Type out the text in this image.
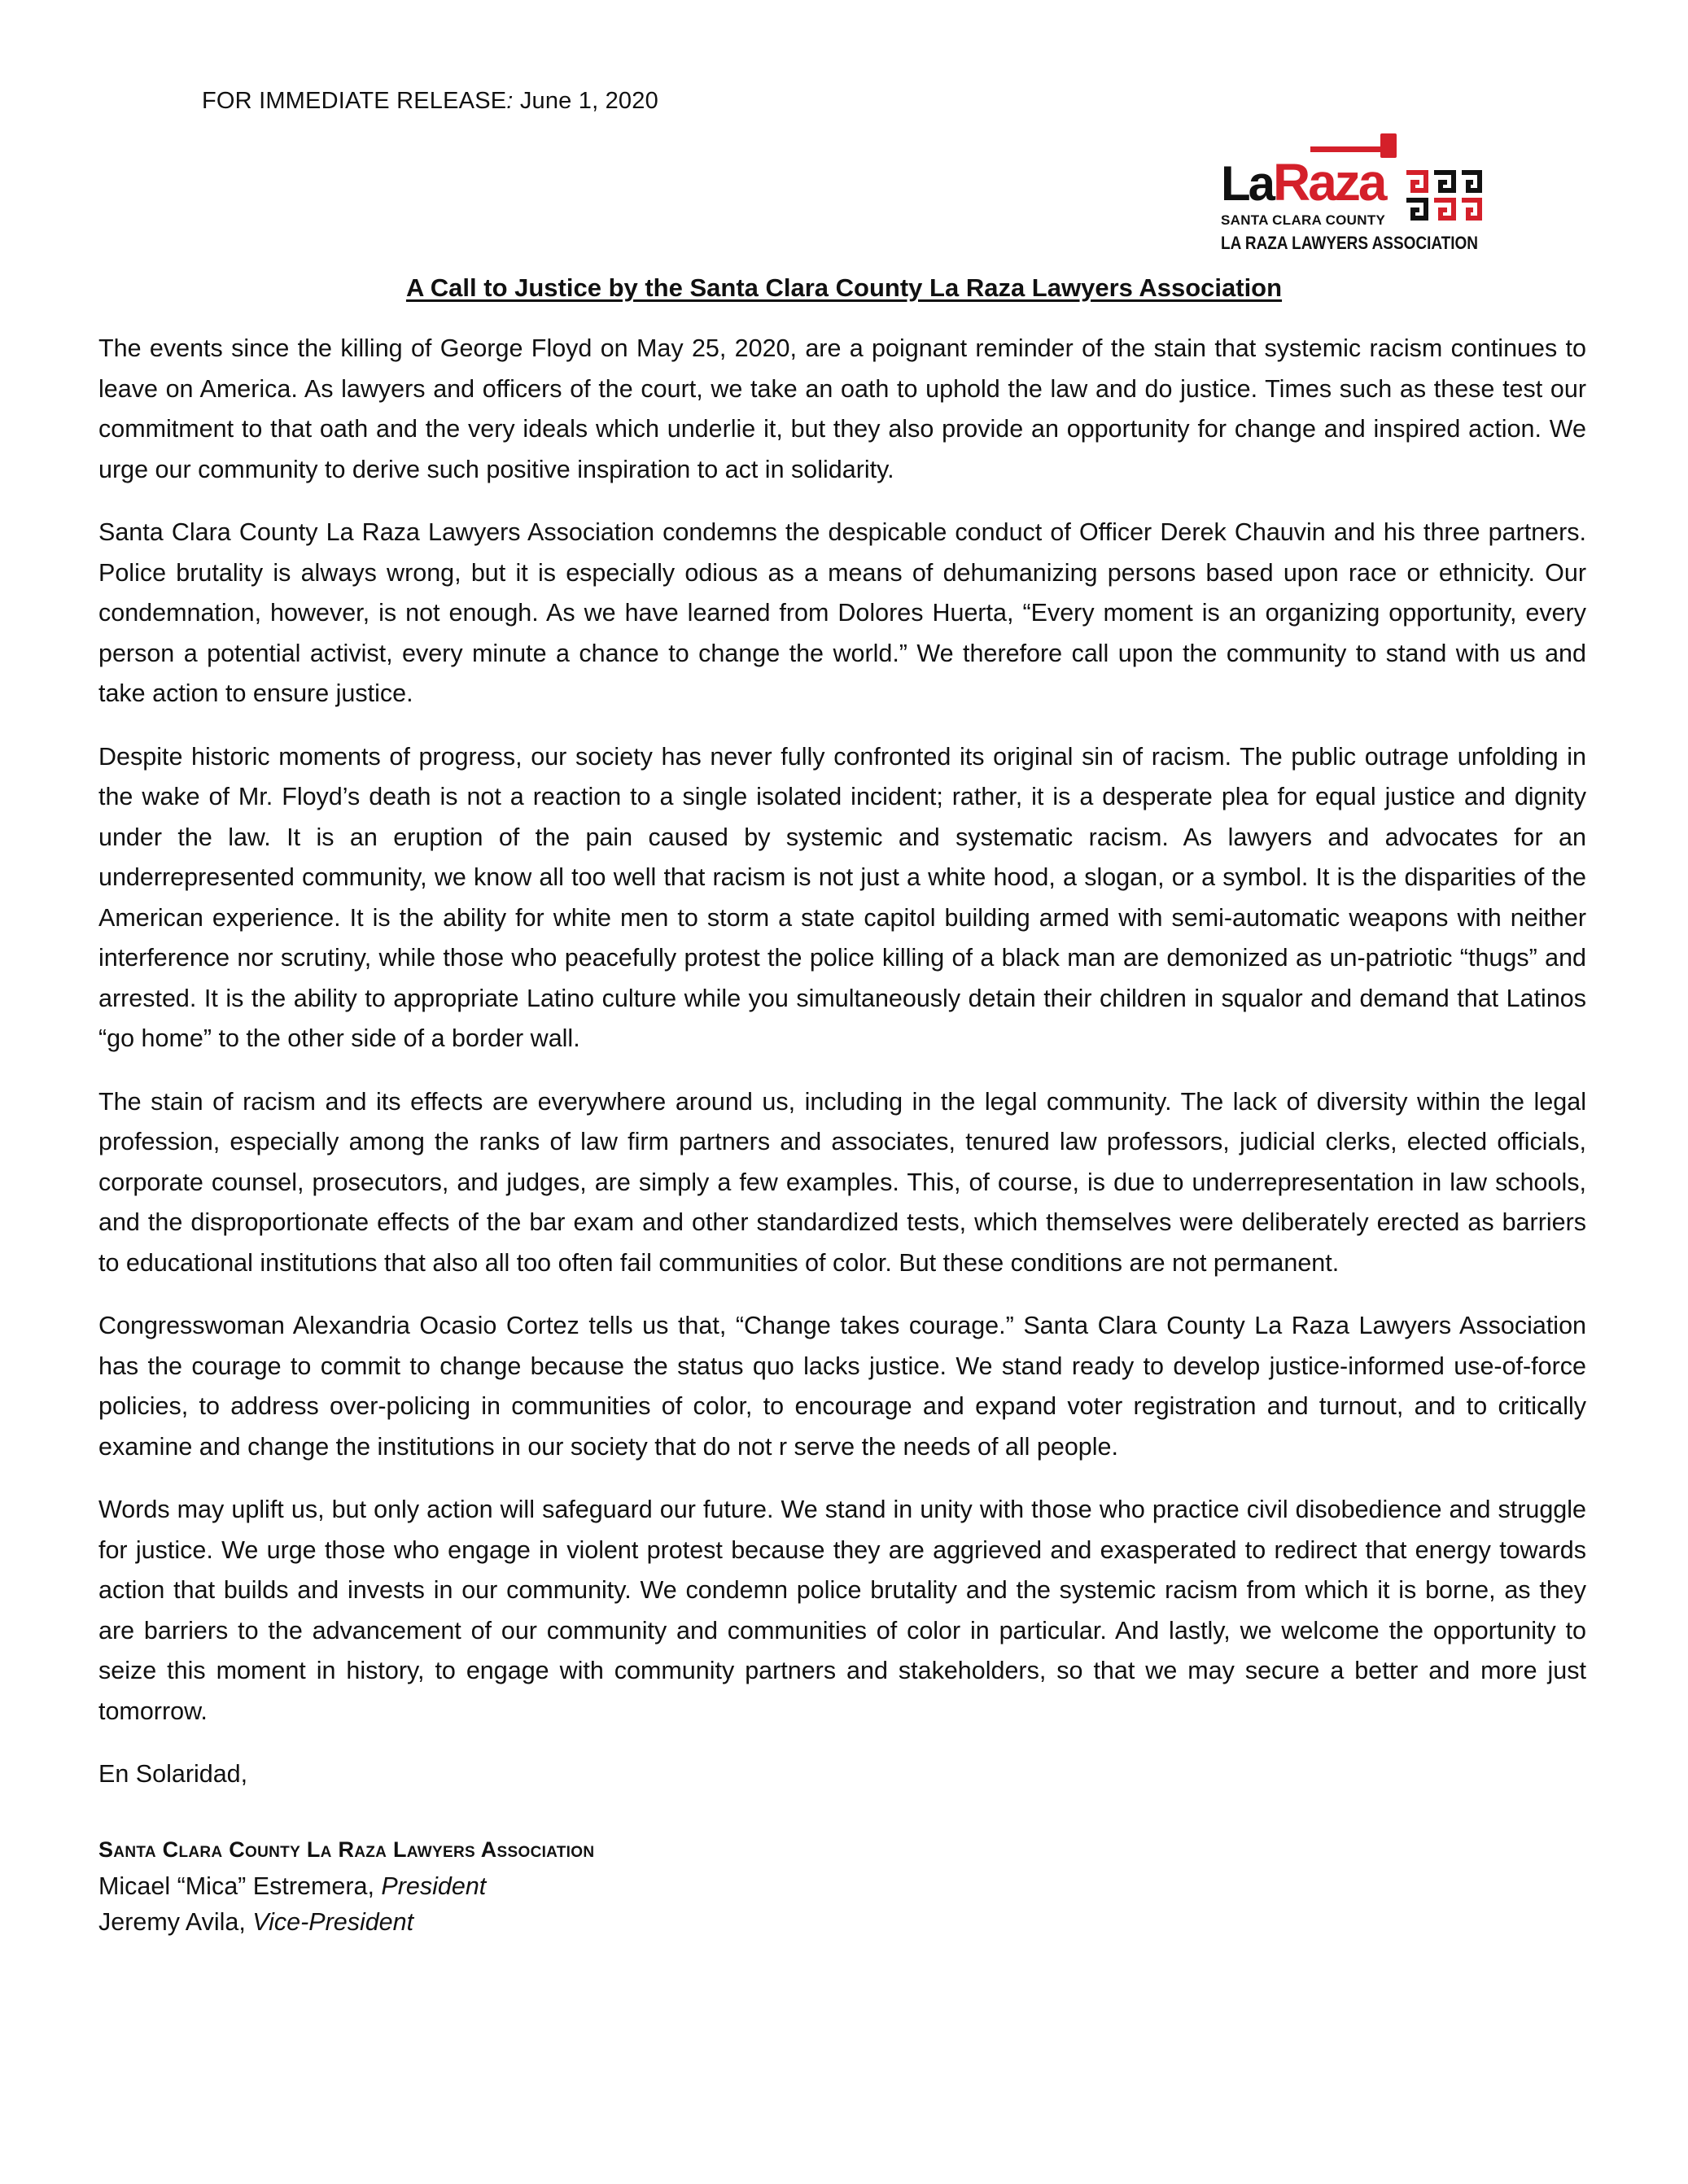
FOR IMMEDIATE RELEASE: June 1, 2020
LaRaza
SANTA CLARA COUNTY
LA RAZA LAWYERS ASSOCIATION
A Call to Justice by the Santa Clara County La Raza Lawyers Association

The events since the killing of George Floyd on May 25, 2020, are a poignant reminder of the stain that systemic racism continues to leave on America. As lawyers and officers of the court, we take an oath to uphold the law and do justice. Times such as these test our commitment to that oath and the very ideals which underlie it, but they also provide an opportunity for change and inspired action. We urge our community to derive such positive inspiration to act in solidarity.

Santa Clara County La Raza Lawyers Association condemns the despicable conduct of Officer Derek Chauvin and his three partners. Police brutality is always wrong, but it is especially odious as a means of dehumanizing persons based upon race or ethnicity. Our condemnation, however, is not enough. As we have learned from Dolores Huerta, “Every moment is an organizing opportunity, every person a potential activist, every minute a chance to change the world.” We therefore call upon the community to stand with us and take action to ensure justice.

Despite historic moments of progress, our society has never fully confronted its original sin of racism. The public outrage unfolding in the wake of Mr. Floyd’s death is not a reaction to a single isolated incident; rather, it is a desperate plea for equal justice and dignity under the law. It is an eruption of the pain caused by systemic and systematic racism. As lawyers and advocates for an underrepresented community, we know all too well that racism is not just a white hood, a slogan, or a symbol. It is the disparities of the American experience. It is the ability for white men to storm a state capitol building armed with semi-automatic weapons with neither interference nor scrutiny, while those who peacefully protest the police killing of a black man are demonized as un-patriotic “thugs” and arrested. It is the ability to appropriate Latino culture while you simultaneously detain their children in squalor and demand that Latinos “go home” to the other side of a border wall.

The stain of racism and its effects are everywhere around us, including in the legal community. The lack of diversity within the legal profession, especially among the ranks of law firm partners and associates, tenured law professors, judicial clerks, elected officials, corporate counsel, prosecutors, and judges, are simply a few examples. This, of course, is due to underrepresentation in law schools, and the disproportionate effects of the bar exam and other standardized tests, which themselves were deliberately erected as barriers to educational institutions that also all too often fail communities of color. But these conditions are not permanent.

Congresswoman Alexandria Ocasio Cortez tells us that, “Change takes courage.” Santa Clara County La Raza Lawyers Association has the courage to commit to change because the status quo lacks justice. We stand ready to develop justice-informed use-of-force policies, to address over-policing in communities of color, to encourage and expand voter registration and turnout, and to critically examine and change the institutions in our society that do not r serve the needs of all people.

Words may uplift us, but only action will safeguard our future. We stand in unity with those who practice civil disobedience and struggle for justice. We urge those who engage in violent protest because they are aggrieved and exasperated to redirect that energy towards action that builds and invests in our community. We condemn police brutality and the systemic racism from which it is borne, as they are barriers to the advancement of our community and communities of color in particular. And lastly, we welcome the opportunity to seize this moment in history, to engage with community partners and stakeholders, so that we may secure a better and more just tomorrow.

En Solaridad,
Santa Clara County La Raza Lawyers Association
Micael “Mica” Estremera, President
Jeremy Avila, Vice-President
